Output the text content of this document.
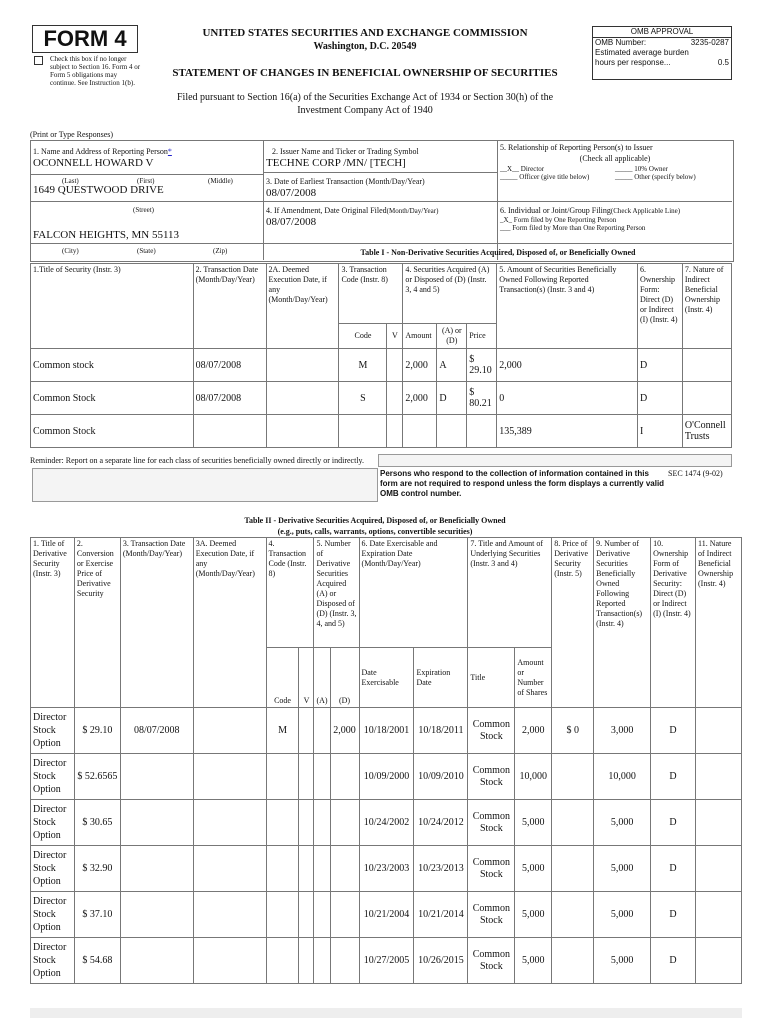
FORM 4
Check this box if no longer subject to Section 16. Form 4 or Form 5 obligations may continue. See Instruction 1(b).
UNITED STATES SECURITIES AND EXCHANGE COMMISSION
Washington, D.C. 20549
STATEMENT OF CHANGES IN BENEFICIAL OWNERSHIP OF SECURITIES
Filed pursuant to Section 16(a) of the Securities Exchange Act of 1934 or Section 30(h) of the
Investment Company Act of 1940
OMB APPROVAL
OMB Number:	3235-0287
Estimated average burden
hours per response...	0.5
(Print or Type Responses)
1. Name and Address of Reporting Person*
OCONNELL HOWARD V
(Last)	(First)	(Middle)
1649 QUESTWOOD DRIVE
(Street)
FALCON HEIGHTS, MN 55113
(City)	(State)	(Zip)
2. Issuer Name and Ticker or Trading Symbol
TECHNE CORP /MN/ [TECH]
3. Date of Earliest Transaction (Month/Day/Year)
08/07/2008
4. If Amendment, Date Original Filed(Month/Day/Year)
08/07/2008
5. Relationship of Reporting Person(s) to Issuer
(Check all applicable)
__X__ Director	_____ 10% Owner
_____ Officer (give title below)	_____ Other (specify below)
6. Individual or Joint/Group Filing(Check Applicable Line)
_X_ Form filed by One Reporting Person
___ Form filed by More than One Reporting Person
Table I - Non-Derivative Securities Acquired, Disposed of, or Beneficially Owned
1.Title of Security (Instr. 3)	2. Transaction Date (Month/Day/Year)	2A. Deemed Execution Date, if any (Month/Day/Year)	3. Transaction Code (Instr. 8)		4. Securities Acquired (A) or Disposed of (D) (Instr. 3, 4 and 5)			5. Amount of Securities Beneficially Owned Following Reported Transaction(s) (Instr. 3 and 4)	6. Ownership Form: Direct (D) or Indirect (I) (Instr. 4)	7. Nature of Indirect Beneficial Ownership (Instr. 4)
			Code	V	Amount	(A) or (D)	Price			
Common stock	08/07/2008		M		2,000	A	$ 29.10	2,000	D	
Common Stock	08/07/2008		S		2,000	D	$ 80.21	0	D	
Common Stock								135,389	I	O'Connell Trusts
Reminder: Report on a separate line for each class of securities beneficially owned directly or indirectly.
Persons who respond to the collection of information contained in this form are not required to respond unless the form displays a currently valid OMB control number.
SEC 1474 (9-02)
Table II - Derivative Securities Acquired, Disposed of, or Beneficially Owned
(e.g., puts, calls, warrants, options, convertible securities)
1. Title of Derivative Security (Instr. 3)	2. Conversion or Exercise Price of Derivative Security	3. Transaction Date (Month/Day/Year)	3A. Deemed Execution Date, if any (Month/Day/Year)	4. Transaction Code (Instr. 8)		5. Number of Derivative Securities Acquired (A) or Disposed of (D) (Instr. 3, 4, and 5)		6. Date Exercisable and Expiration Date (Month/Day/Year)		7. Title and Amount of Underlying Securities (Instr. 3 and 4)		8. Price of Derivative Security (Instr. 5)	9. Number of Derivative Securities Beneficially Owned Following Reported Transaction(s) (Instr. 4)	10. Ownership Form of Derivative Security: Direct (D) or Indirect (I) (Instr. 4)	11. Nature of Indirect Beneficial Ownership (Instr. 4)
				Code	V	(A)	(D)	Date Exercisable	Expiration Date	Title	Amount or Number of Shares				
Director Stock Option	$ 29.10	08/07/2008		M			2,000	10/18/2001	10/18/2011	Common Stock	2,000	$ 0	3,000	D	
Director Stock Option	$ 52.6565							10/09/2000	10/09/2010	Common Stock	10,000		10,000	D	
Director Stock Option	$ 30.65							10/24/2002	10/24/2012	Common Stock	5,000		5,000	D	
Director Stock Option	$ 32.90							10/23/2003	10/23/2013	Common Stock	5,000		5,000	D	
Director Stock Option	$ 37.10							10/21/2004	10/21/2014	Common Stock	5,000		5,000	D	
Director Stock Option	$ 54.68							10/27/2005	10/26/2015	Common Stock	5,000		5,000	D	
